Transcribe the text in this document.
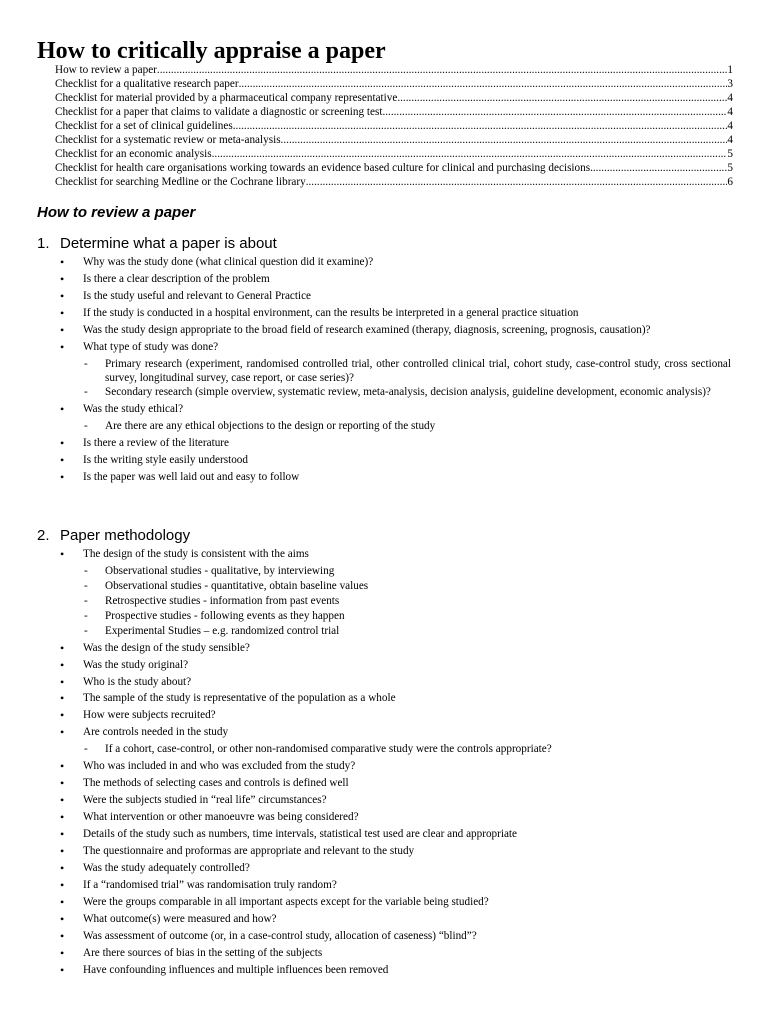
How to critically appraise a paper
How to review a paper .....	1
Checklist for a qualitative research paper .....	3
Checklist for material provided by a pharmaceutical company representative .....	4
Checklist for a paper that claims to validate a diagnostic or screening test .....	4
Checklist for a set of clinical guidelines .....	4
Checklist for a systematic review or meta-analysis .....	4
Checklist for an economic analysis .....	5
Checklist for health care organisations working towards an evidence based culture for clinical and purchasing decisions .....	5
Checklist for searching Medline or the Cochrane library .....	6
How to review a paper
1. Determine what a paper is about
• Why was the study done (what clinical question did it examine)?
• Is there a clear description of the problem
• Is the study useful and relevant to General Practice
• If the study is conducted in a hospital environment, can the results be interpreted in a general practice situation
• Was the study design appropriate to the broad field of research examined (therapy, diagnosis, screening, prognosis, causation)?
• What type of study was done?
- Primary research (experiment, randomised controlled trial, other controlled clinical trial, cohort study, case-control study, cross sectional survey, longitudinal survey, case report, or case series)?
- Secondary research (simple overview, systematic review, meta-analysis, decision analysis, guideline development, economic analysis)?
• Was the study ethical?
- Are there are any ethical objections to the design or reporting of the study
• Is there a review of the literature
• Is the writing style easily understood
• Is the paper was well laid out and easy to follow
2. Paper methodology
• The design of the study is consistent with the aims
- Observational studies - qualitative, by interviewing
- Observational studies - quantitative, obtain baseline values
- Retrospective studies - information from past events
- Prospective studies - following events as they happen
- Experimental Studies – e.g. randomized control trial
• Was the design of the study sensible?
• Was the study original?
• Who is the study about?
• The sample of the study is representative of the population as a whole
• How were subjects recruited?
• Are controls needed in the study
- If a cohort, case-control, or other non-randomised comparative study were the controls appropriate?
• Who was included in and who was excluded from the study?
• The methods of selecting cases and controls is defined well
• Were the subjects studied in “real life” circumstances?
• What intervention or other manoeuvre was being considered?
• Details of the study such as numbers, time intervals, statistical test used are clear and appropriate
• The questionnaire and proformas are appropriate and relevant to the study
• Was the study adequately controlled?
• If a “randomised trial” was randomisation truly random?
• Were the groups comparable in all important aspects except for the variable being studied?
• What outcome(s) were measured and how?
• Was assessment of outcome (or, in a case-control study, allocation of caseness) “blind”?
• Are there sources of bias in the setting of the subjects
• Have confounding influences and multiple influences been removed
